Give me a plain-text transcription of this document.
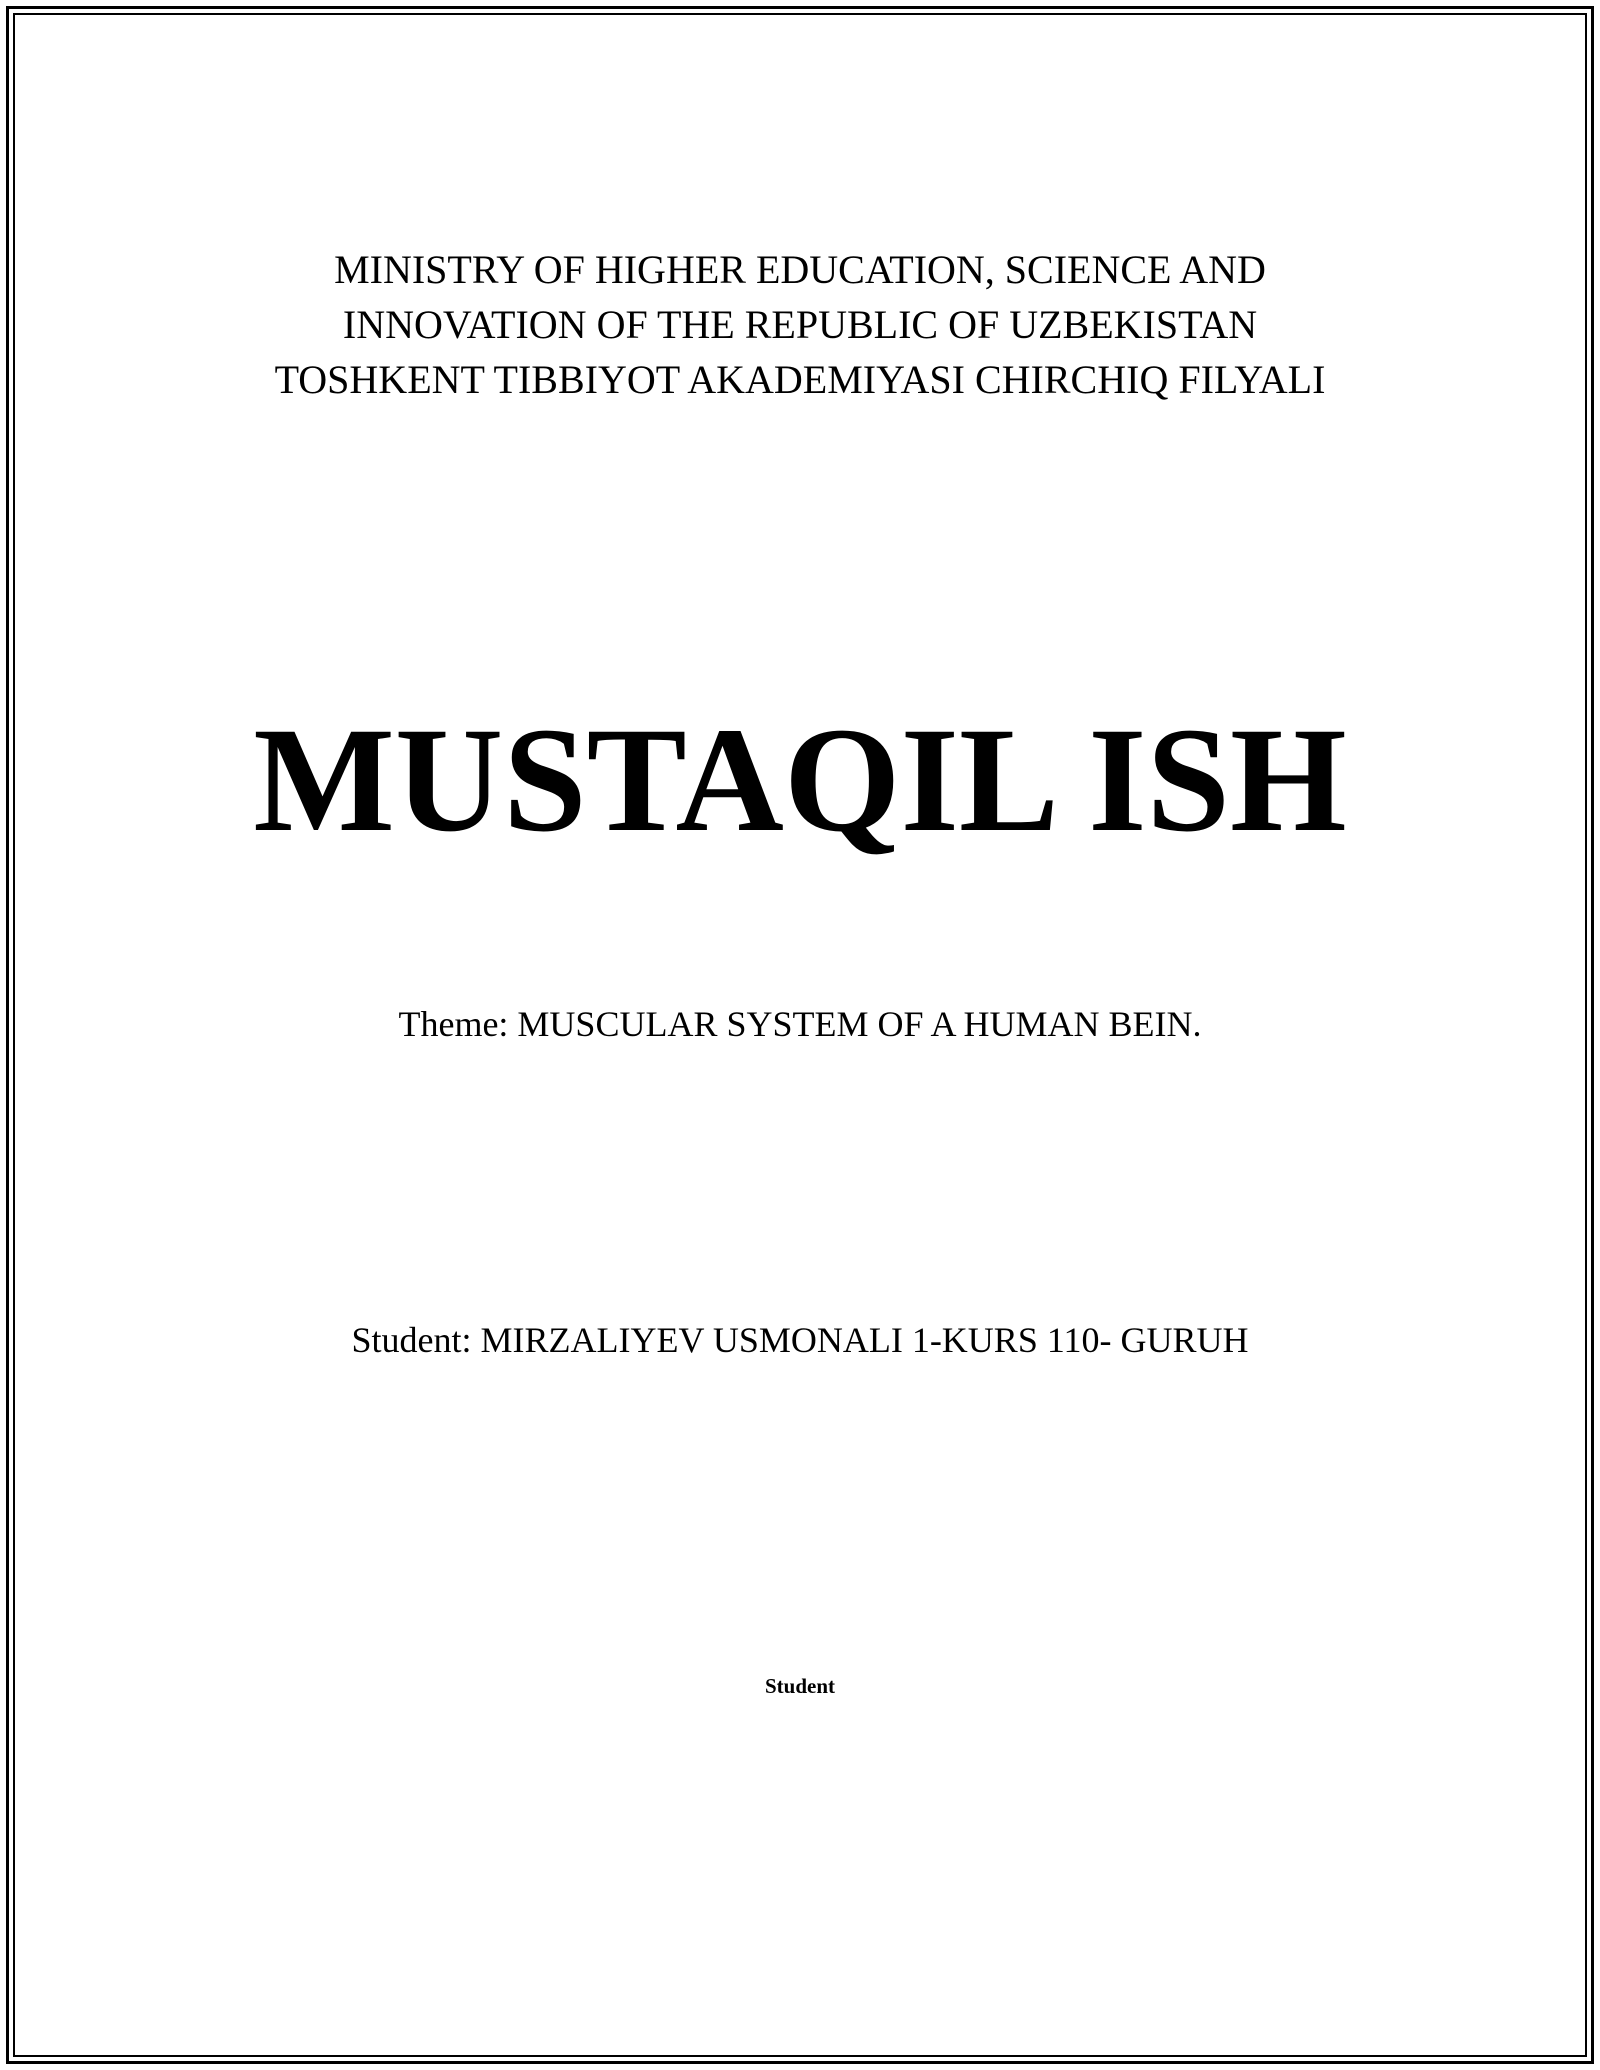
MINISTRY OF HIGHER EDUCATION, SCIENCE AND
INNOVATION OF THE REPUBLIC OF UZBEKISTAN
TOSHKENT TIBBIYOT AKADEMIYASI CHIRCHIQ FILYALI
MUSTAQIL ISH
Theme: MUSCULAR SYSTEM OF A HUMAN BEIN.
Student: MIRZALIYEV USMONALI 1-KURS 110- GURUH
Student
